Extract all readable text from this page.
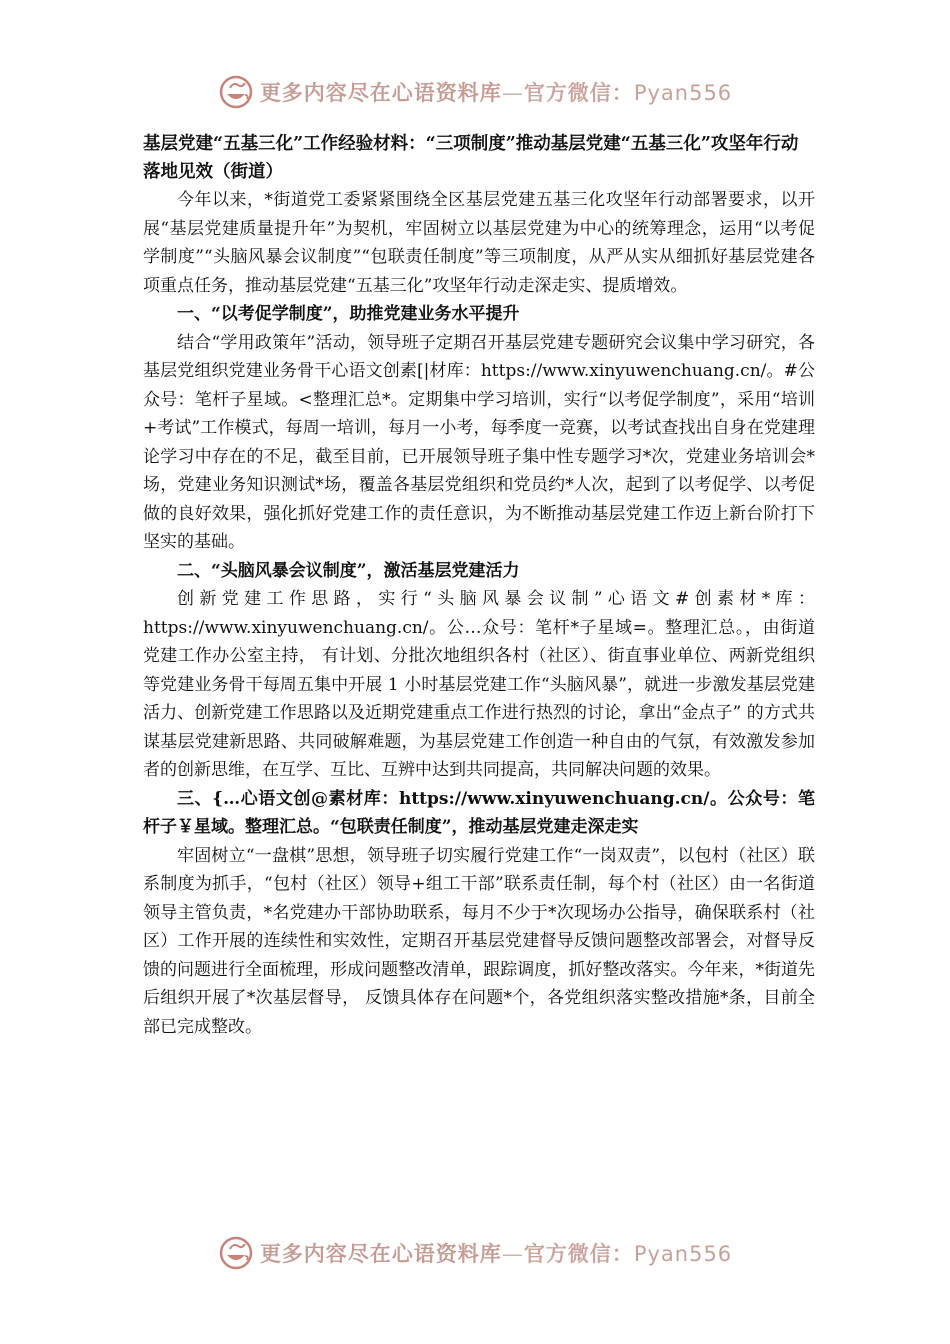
更多内容尽在心语资料库—官方微信：Pyan556

基层党建“五基三化”工作经验材料：“三项制度”推动基层党建“五基三化”攻坚年行动落地见效（街道）

今年以来，*街道党工委紧紧围绕全区基层党建五基三化攻坚年行动部署要求，以开展“基层党建质量提升年”为契机，牢固树立以基层党建为中心的统筹理念，运用“以考促学制度”“头脑风暴会议制度”“包联责任制度”等三项制度，从严从实从细抓好基层党建各项重点任务，推动基层党建“五基三化”攻坚年行动走深走实、提质增效。

一、“以考促学制度”，助推党建业务水平提升

结合“学用政策年”活动，领导班子定期召开基层党建专题研究会议集中学习研究，各基层党组织党建业务骨干心语文创素[|材库：https://www.xinyuwenchuang.cn/。#公众号：笔杆子星域。<整理汇总*。定期集中学习培训，实行“以考促学制度”，采用“培训+考试”工作模式，每周一培训，每月一小考，每季度一竞赛，以考试查找出自身在党建理论学习中存在的不足，截至目前，已开展领导班子集中性专题学习*次，党建业务培训会*场，党建业务知识测试*场，覆盖各基层党组织和党员约*人次，起到了以考促学、以考促做的良好效果，强化抓好党建工作的责任意识，为不断推动基层党建工作迈上新台阶打下坚实的基础。

二、“头脑风暴会议制度”，激活基层党建活力

创新党建工作思路，实行“头脑风暴会议制”心语文#创素材*库：https://www.xinyuwenchuang.cn/。公…众号：笔杆*子星域=。整理汇总。，由街道党建工作办公室主持， 有计划、分批次地组织各村（社区）、街直事业单位、两新党组织等党建业务骨干每周五集中开展 1 小时基层党建工作“头脑风暴”，就进一步激发基层党建活力、创新党建工作思路以及近期党建重点工作进行热烈的讨论，拿出“金点子” 的方式共谋基层党建新思路、共同破解难题，为基层党建工作创造一种自由的气氛，有效激发参加者的创新思维，在互学、互比、互辨中达到共同提高，共同解决问题的效果。

三、{…心语文创@素材库：https://www.xinyuwenchuang.cn/。公众号：笔杆子￥星域。整理汇总。“包联责任制度”，推动基层党建走深走实

牢固树立“一盘棋”思想，领导班子切实履行党建工作“一岗双责”，以包村（社区）联系制度为抓手，“包村（社区）领导+组工干部”联系责任制，每个村（社区）由一名街道领导主管负责，*名党建办干部协助联系，每月不少于*次现场办公指导，确保联系村（社区）工作开展的连续性和实效性，定期召开基层党建督导反馈问题整改部署会，对督导反馈的问题进行全面梳理，形成问题整改清单，跟踪调度，抓好整改落实。今年来，*街道先后组织开展了*次基层督导， 反馈具体存在问题*个，各党组织落实整改措施*条，目前全部已完成整改。

更多内容尽在心语资料库—官方微信：Pyan556
